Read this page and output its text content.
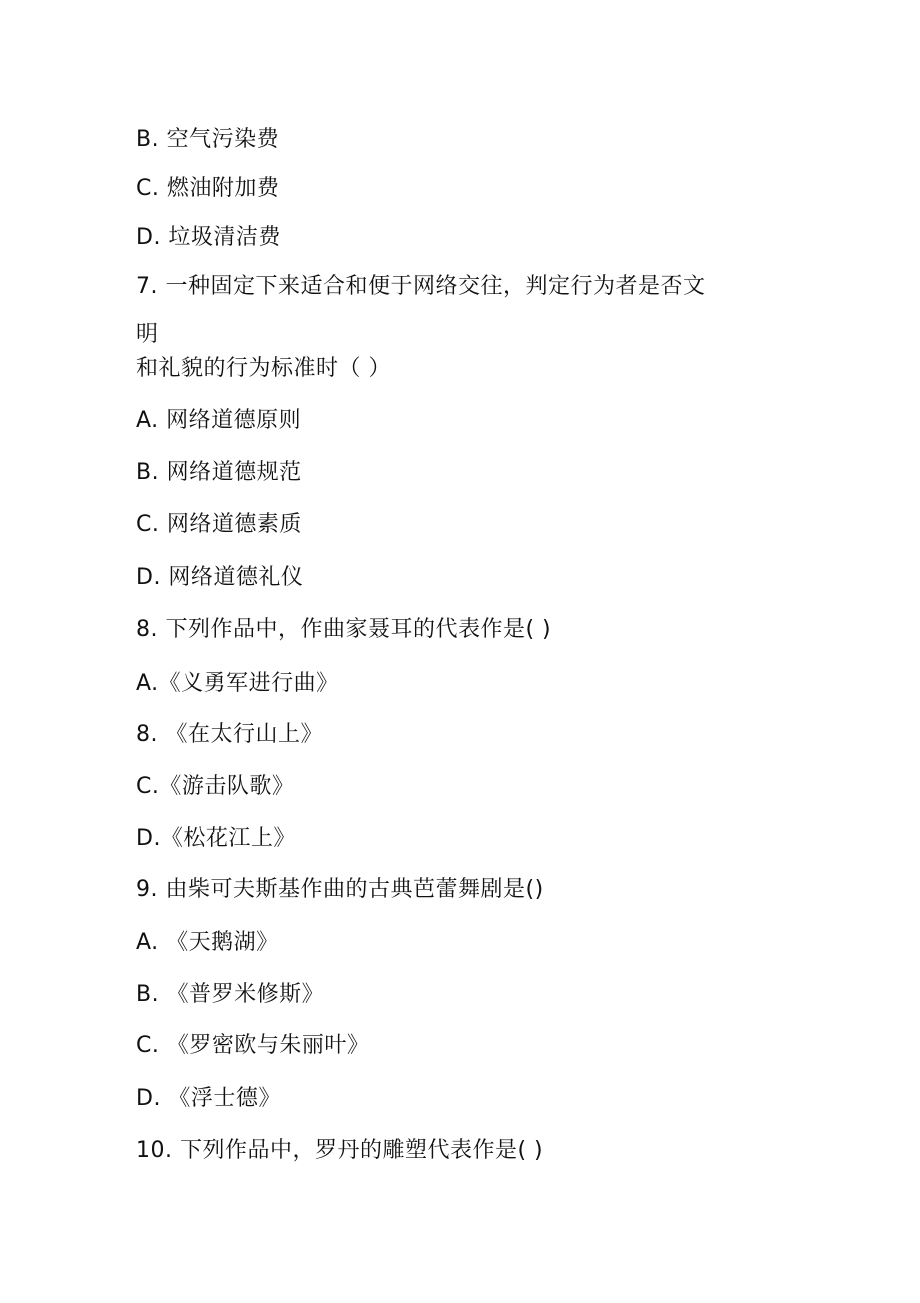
B. 空气污染费
C. 燃油附加费
D. 垃圾清洁费
7. 一种固定下来适合和便于网络交往，判定行为者是否文
明
和礼貌的行为标准时（ ）
A. 网络道德原则
B. 网络道德规范
C. 网络道德素质
D. 网络道德礼仪
8. 下列作品中，作曲家聂耳的代表作是( )
A.《义勇军进行曲》
8. 《在太行山上》
C.《游击队歌》
D.《松花江上》
9. 由柴可夫斯基作曲的古典芭蕾舞剧是()
A. 《天鹅湖》
B. 《普罗米修斯》
C. 《罗密欧与朱丽叶》
D. 《浮士德》
10. 下列作品中，罗丹的雕塑代表作是( )
